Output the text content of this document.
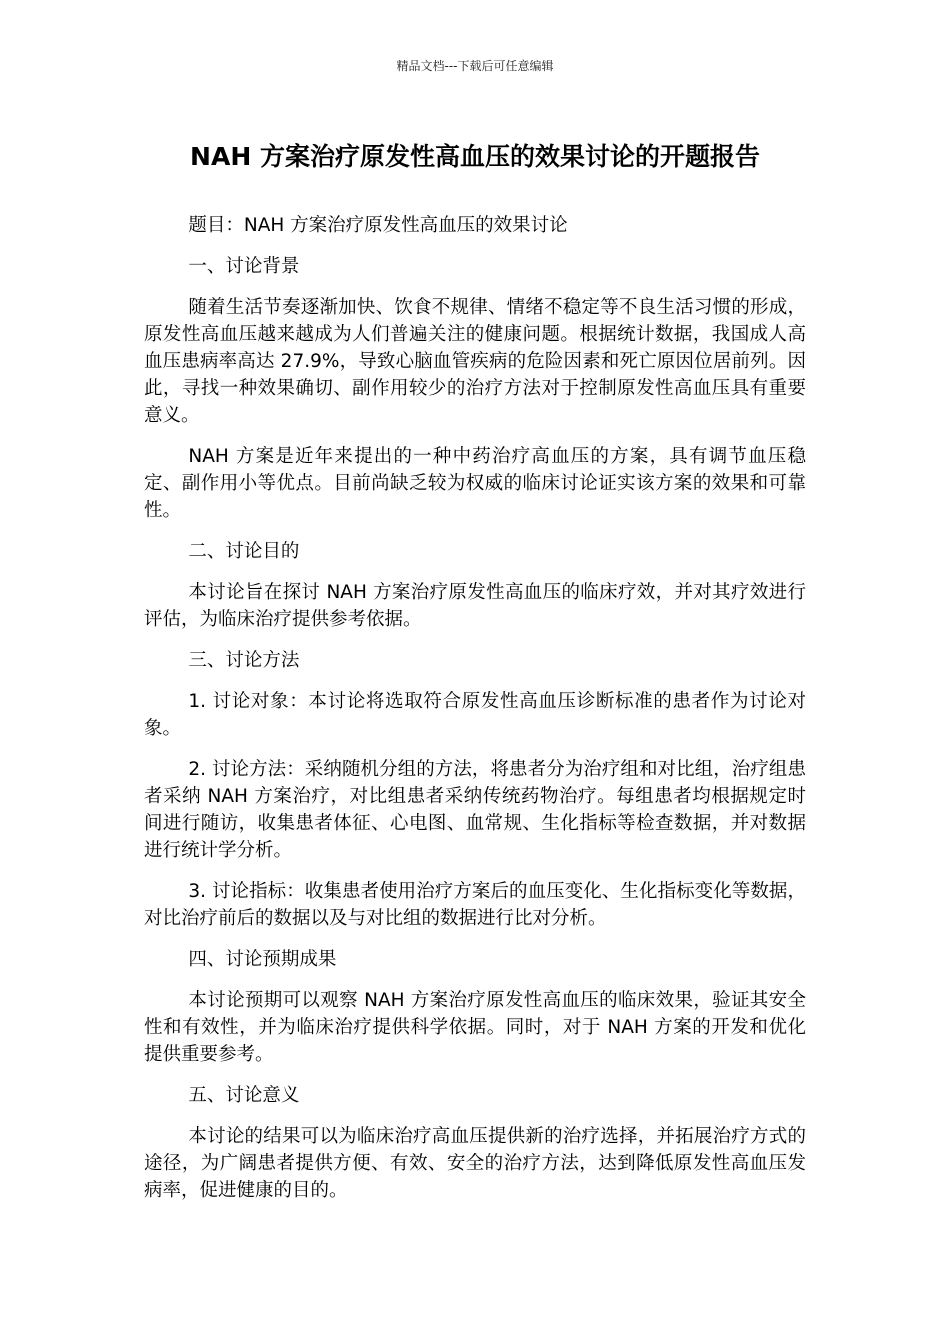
精品文档---下载后可任意编辑
NAH 方案治疗原发性高血压的效果讨论的开题报告

题目：NAH 方案治疗原发性高血压的效果讨论

一、讨论背景

随着生活节奏逐渐加快、饮食不规律、情绪不稳定等不良生活习惯的形成，原发性高血压越来越成为人们普遍关注的健康问题。根据统计数据，我国成人高血压患病率高达 27.9%，导致心脑血管疾病的危险因素和死亡原因位居前列。因此，寻找一种效果确切、副作用较少的治疗方法对于控制原发性高血压具有重要意义。

NAH 方案是近年来提出的一种中药治疗高血压的方案，具有调节血压稳定、副作用小等优点。目前尚缺乏较为权威的临床讨论证实该方案的效果和可靠性。

二、讨论目的

本讨论旨在探讨 NAH 方案治疗原发性高血压的临床疗效，并对其疗效进行评估，为临床治疗提供参考依据。

三、讨论方法

1. 讨论对象：本讨论将选取符合原发性高血压诊断标准的患者作为讨论对象。

2. 讨论方法：采纳随机分组的方法，将患者分为治疗组和对比组，治疗组患者采纳 NAH 方案治疗，对比组患者采纳传统药物治疗。每组患者均根据规定时间进行随访，收集患者体征、心电图、血常规、生化指标等检查数据，并对数据进行统计学分析。

3. 讨论指标：收集患者使用治疗方案后的血压变化、生化指标变化等数据，对比治疗前后的数据以及与对比组的数据进行比对分析。

四、讨论预期成果

本讨论预期可以观察 NAH 方案治疗原发性高血压的临床效果，验证其安全性和有效性，并为临床治疗提供科学依据。同时，对于 NAH 方案的开发和优化提供重要参考。

五、讨论意义

本讨论的结果可以为临床治疗高血压提供新的治疗选择，并拓展治疗方式的途径，为广阔患者提供方便、有效、安全的治疗方法，达到降低原发性高血压发病率，促进健康的目的。
